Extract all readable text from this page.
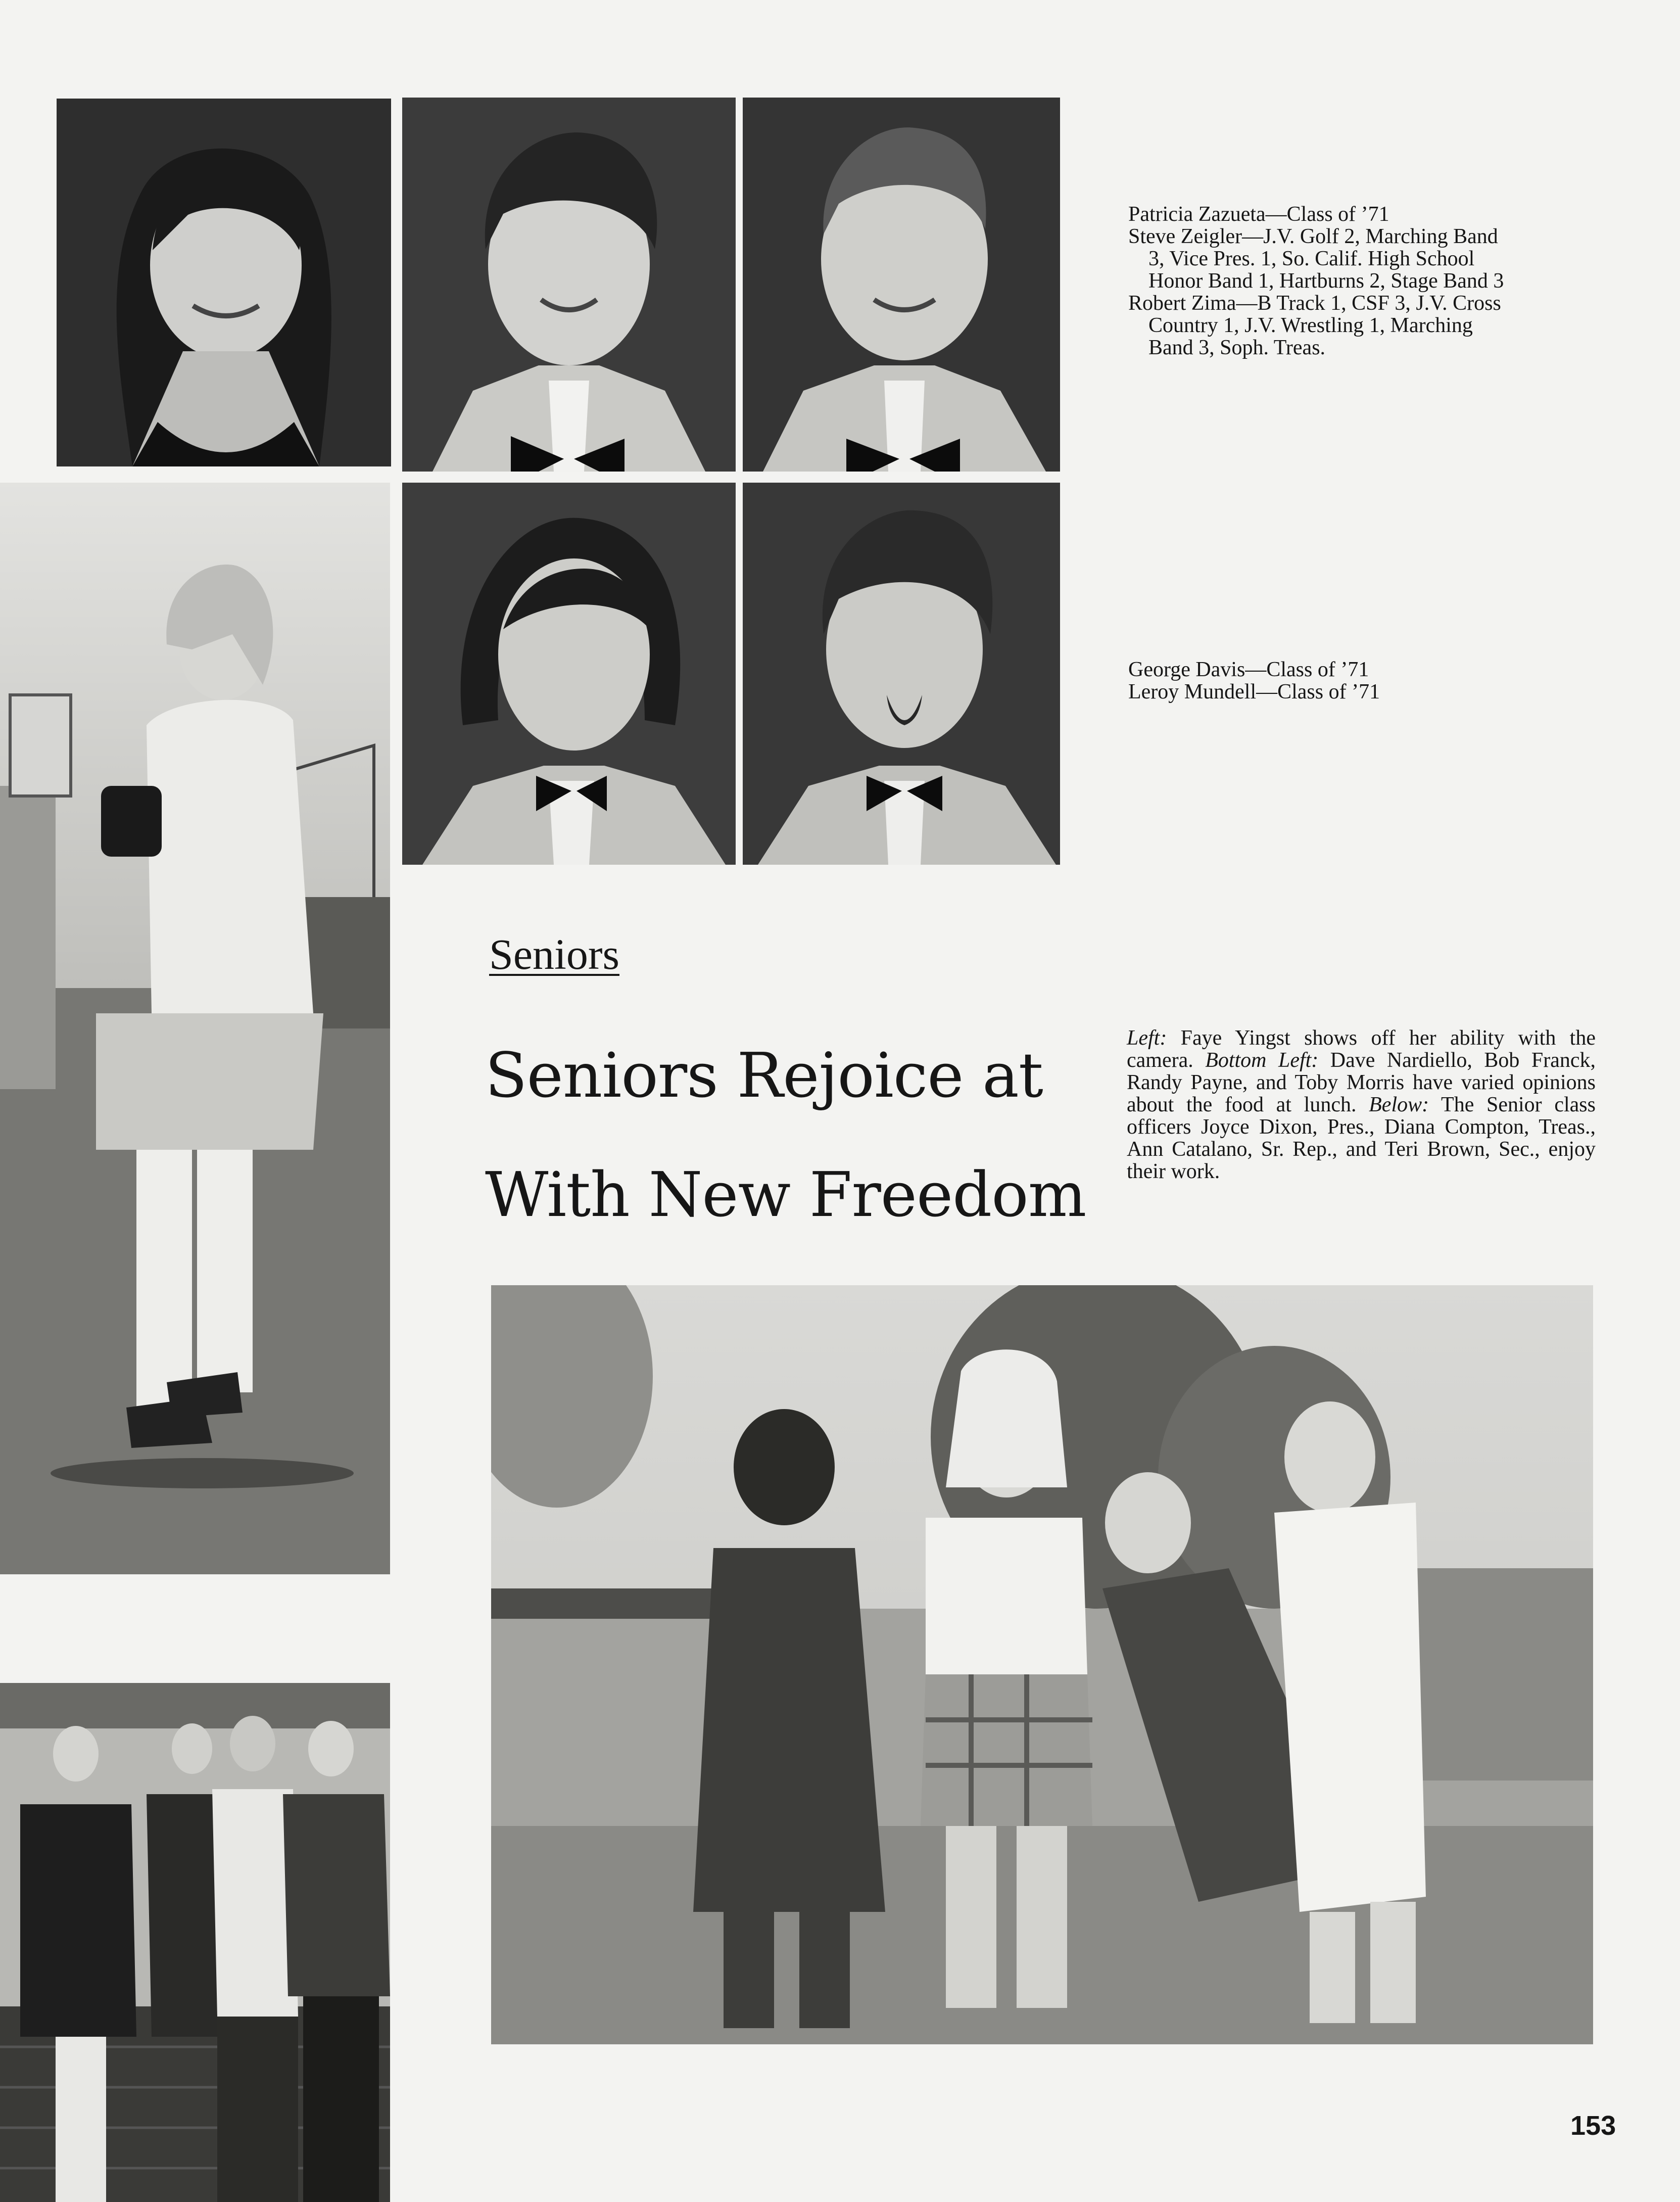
Patricia Zazueta—Class of ’71

Steve Zeigler—J.V. Golf 2, Marching Band

3, Vice Pres. 1, So. Calif. High School

Honor Band 1, Hartburns 2, Stage Band 3

Robert Zima—B Track 1, CSF 3, J.V. Cross

Country 1, J.V. Wrestling 1, Marching

Band 3, Soph. Treas.

George Davis—Class of ’71

Leroy Mundell—Class of ’71

Seniors
Seniors Rejoice at
With New Freedom

Left: Faye Yingst shows off her ability with the camera. Bottom Left: Dave Nardiello, Bob Franck, Randy Payne, and Toby Morris have varied opinions about the food at lunch. Below: The Senior class officers Joyce Dixon, Pres., Diana Compton, Treas., Ann Catalano, Sr. Rep., and Teri Brown, Sec., enjoy their work.

153
